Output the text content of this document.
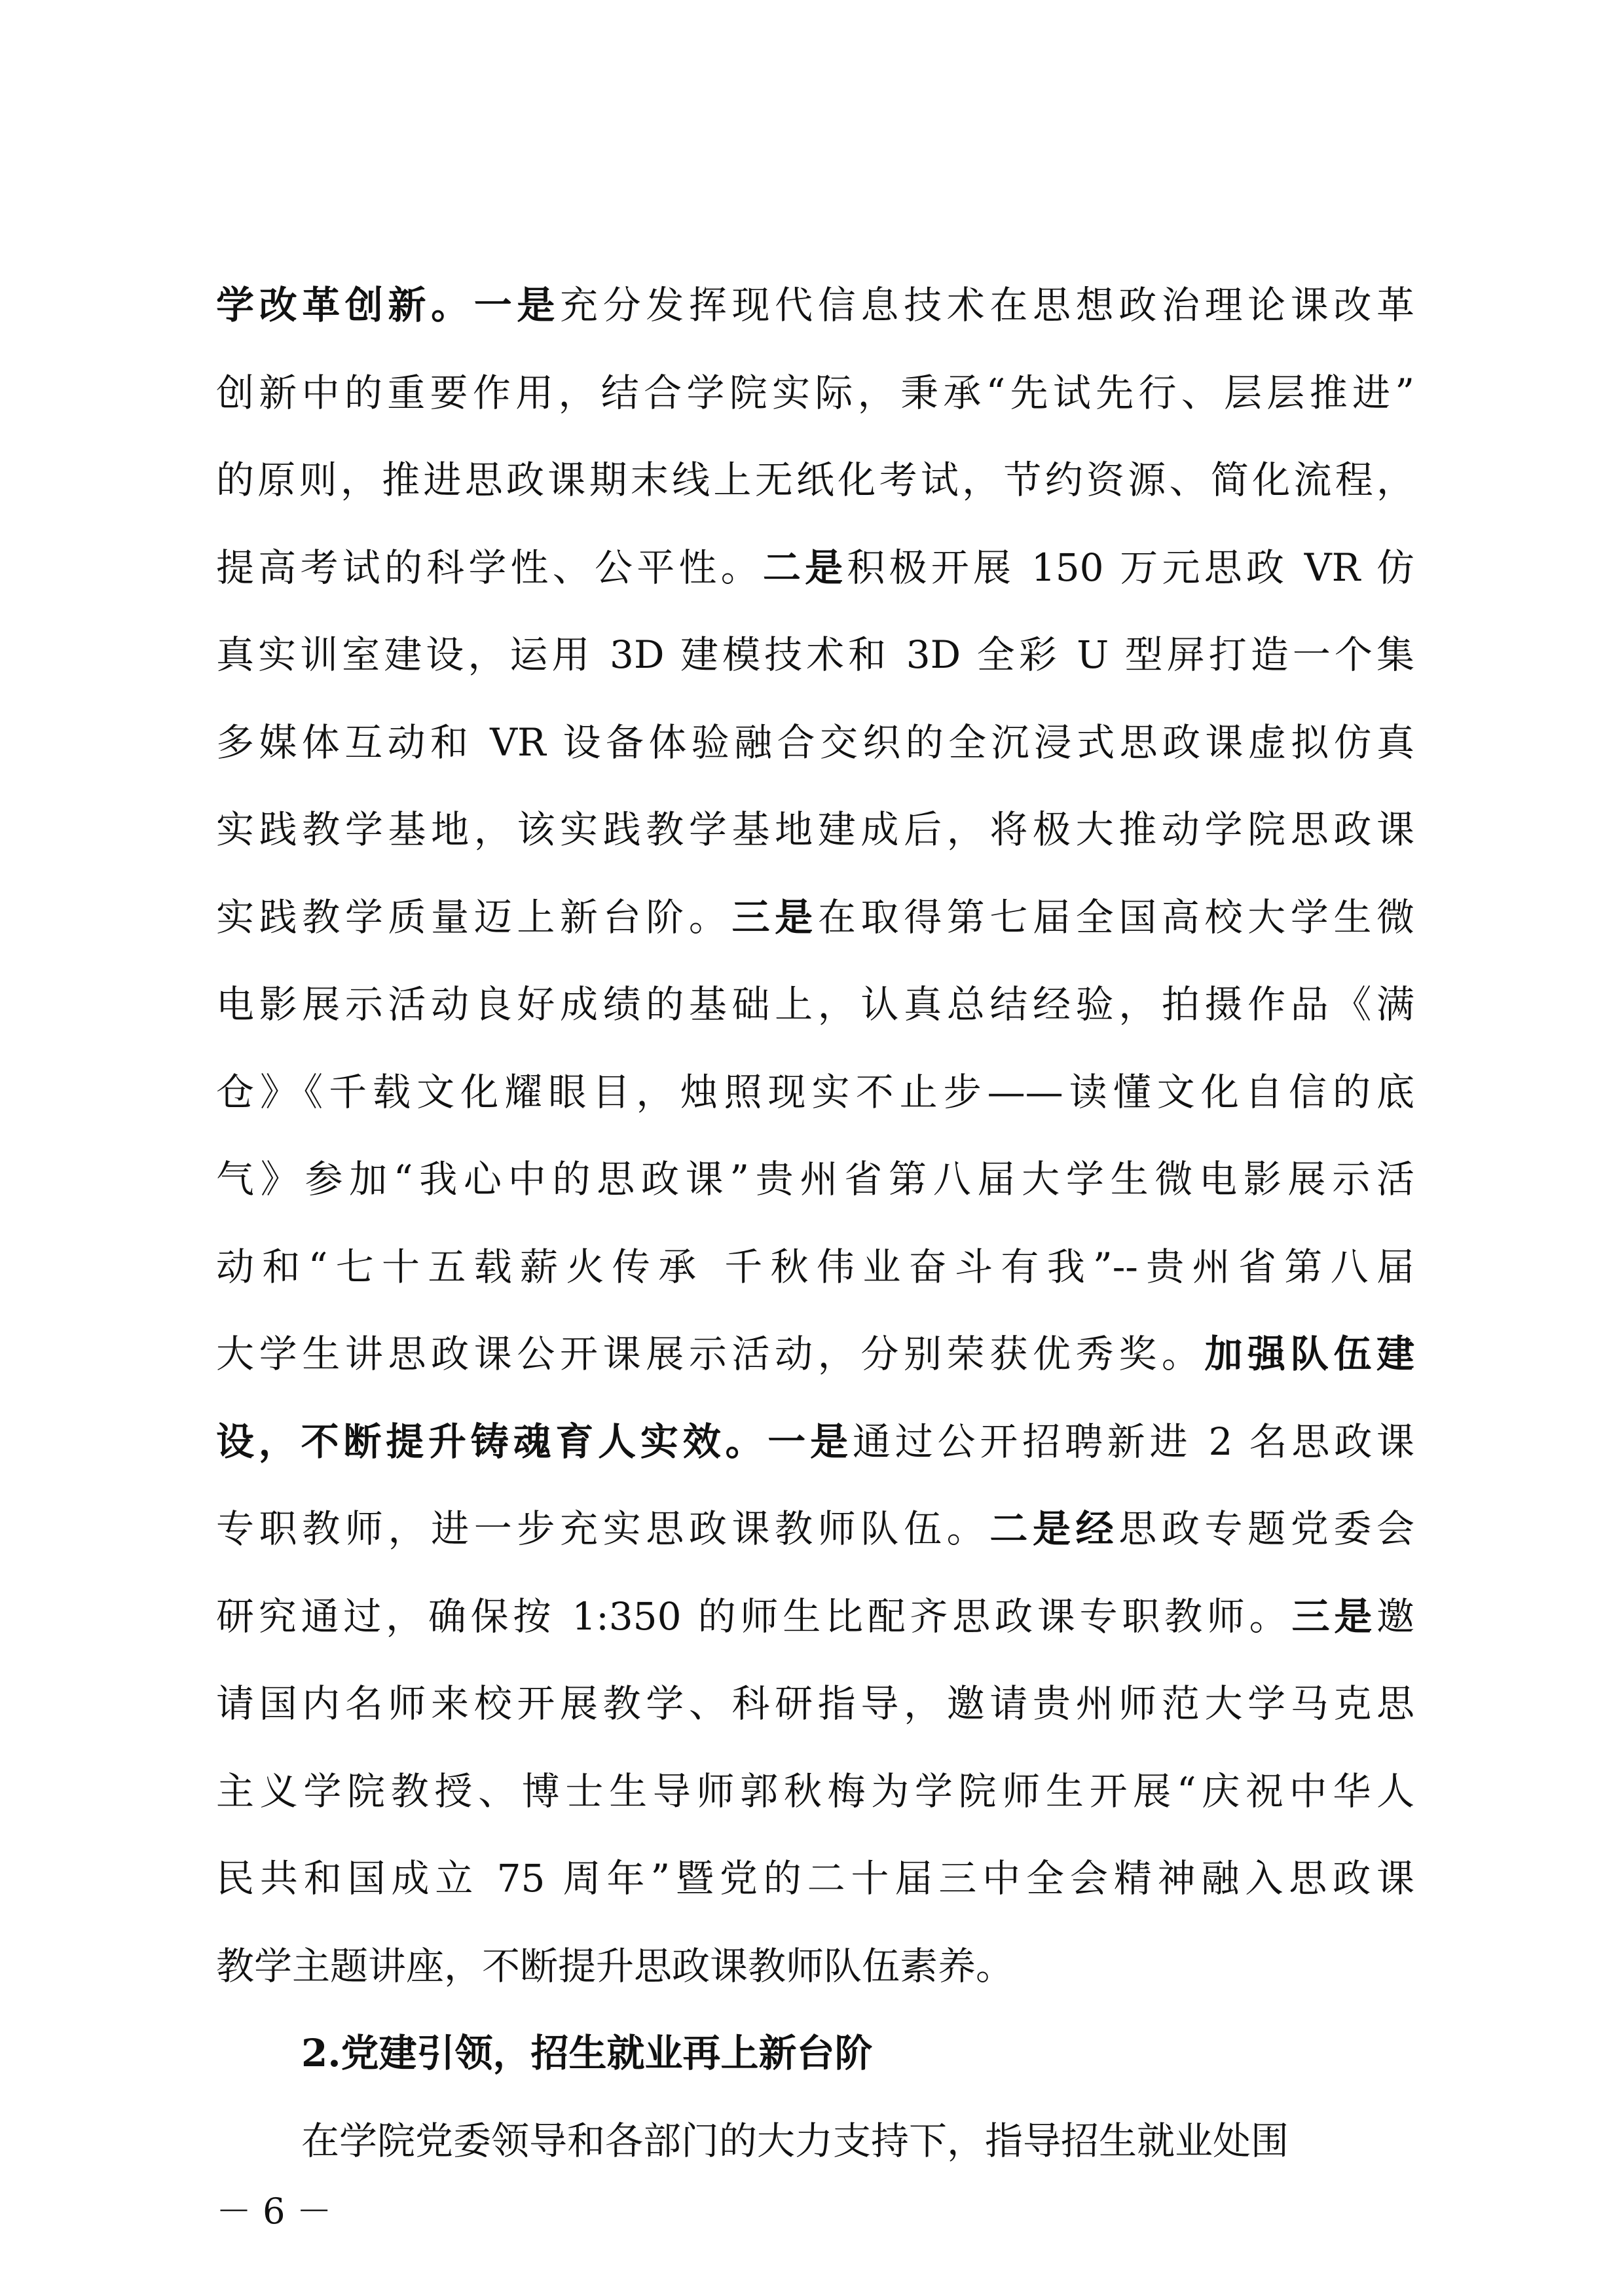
学改革创新。一是充分发挥现代信息技术在思想政治理论课改革
创新中的重要作用，结合学院实际，秉承“先试先行、层层推进”
的原则，推进思政课期末线上无纸化考试，节约资源、简化流程，
提高考试的科学性、公平性。二是积极开展 150 万元思政 VR 仿
真实训室建设，运用 3D 建模技术和 3D 全彩 U 型屏打造一个集
多媒体互动和 VR 设备体验融合交织的全沉浸式思政课虚拟仿真
实践教学基地，该实践教学基地建成后，将极大推动学院思政课
实践教学质量迈上新台阶。三是在取得第七届全国高校大学生微
电影展示活动良好成绩的基础上，认真总结经验，拍摄作品《满
仓》《千载文化耀眼目，烛照现实不止步——读懂文化自信的底
气》参加“我心中的思政课”贵州省第八届大学生微电影展示活
动和“七十五载薪火传承 千秋伟业奋斗有我”--贵州省第八届
大学生讲思政课公开课展示活动，分别荣获优秀奖。加强队伍建
设，不断提升铸魂育人实效。一是通过公开招聘新进 2 名思政课
专职教师，进一步充实思政课教师队伍。二是经思政专题党委会
研究通过，确保按 1:350 的师生比配齐思政课专职教师。三是邀
请国内名师来校开展教学、科研指导，邀请贵州师范大学马克思
主义学院教授、博士生导师郭秋梅为学院师生开展“庆祝中华人
民共和国成立 75 周年”暨党的二十届三中全会精神融入思政课
教学主题讲座，不断提升思政课教师队伍素养。
2.党建引领，招生就业再上新台阶
在学院党委领导和各部门的大力支持下，指导招生就业处围
－ 6 －
